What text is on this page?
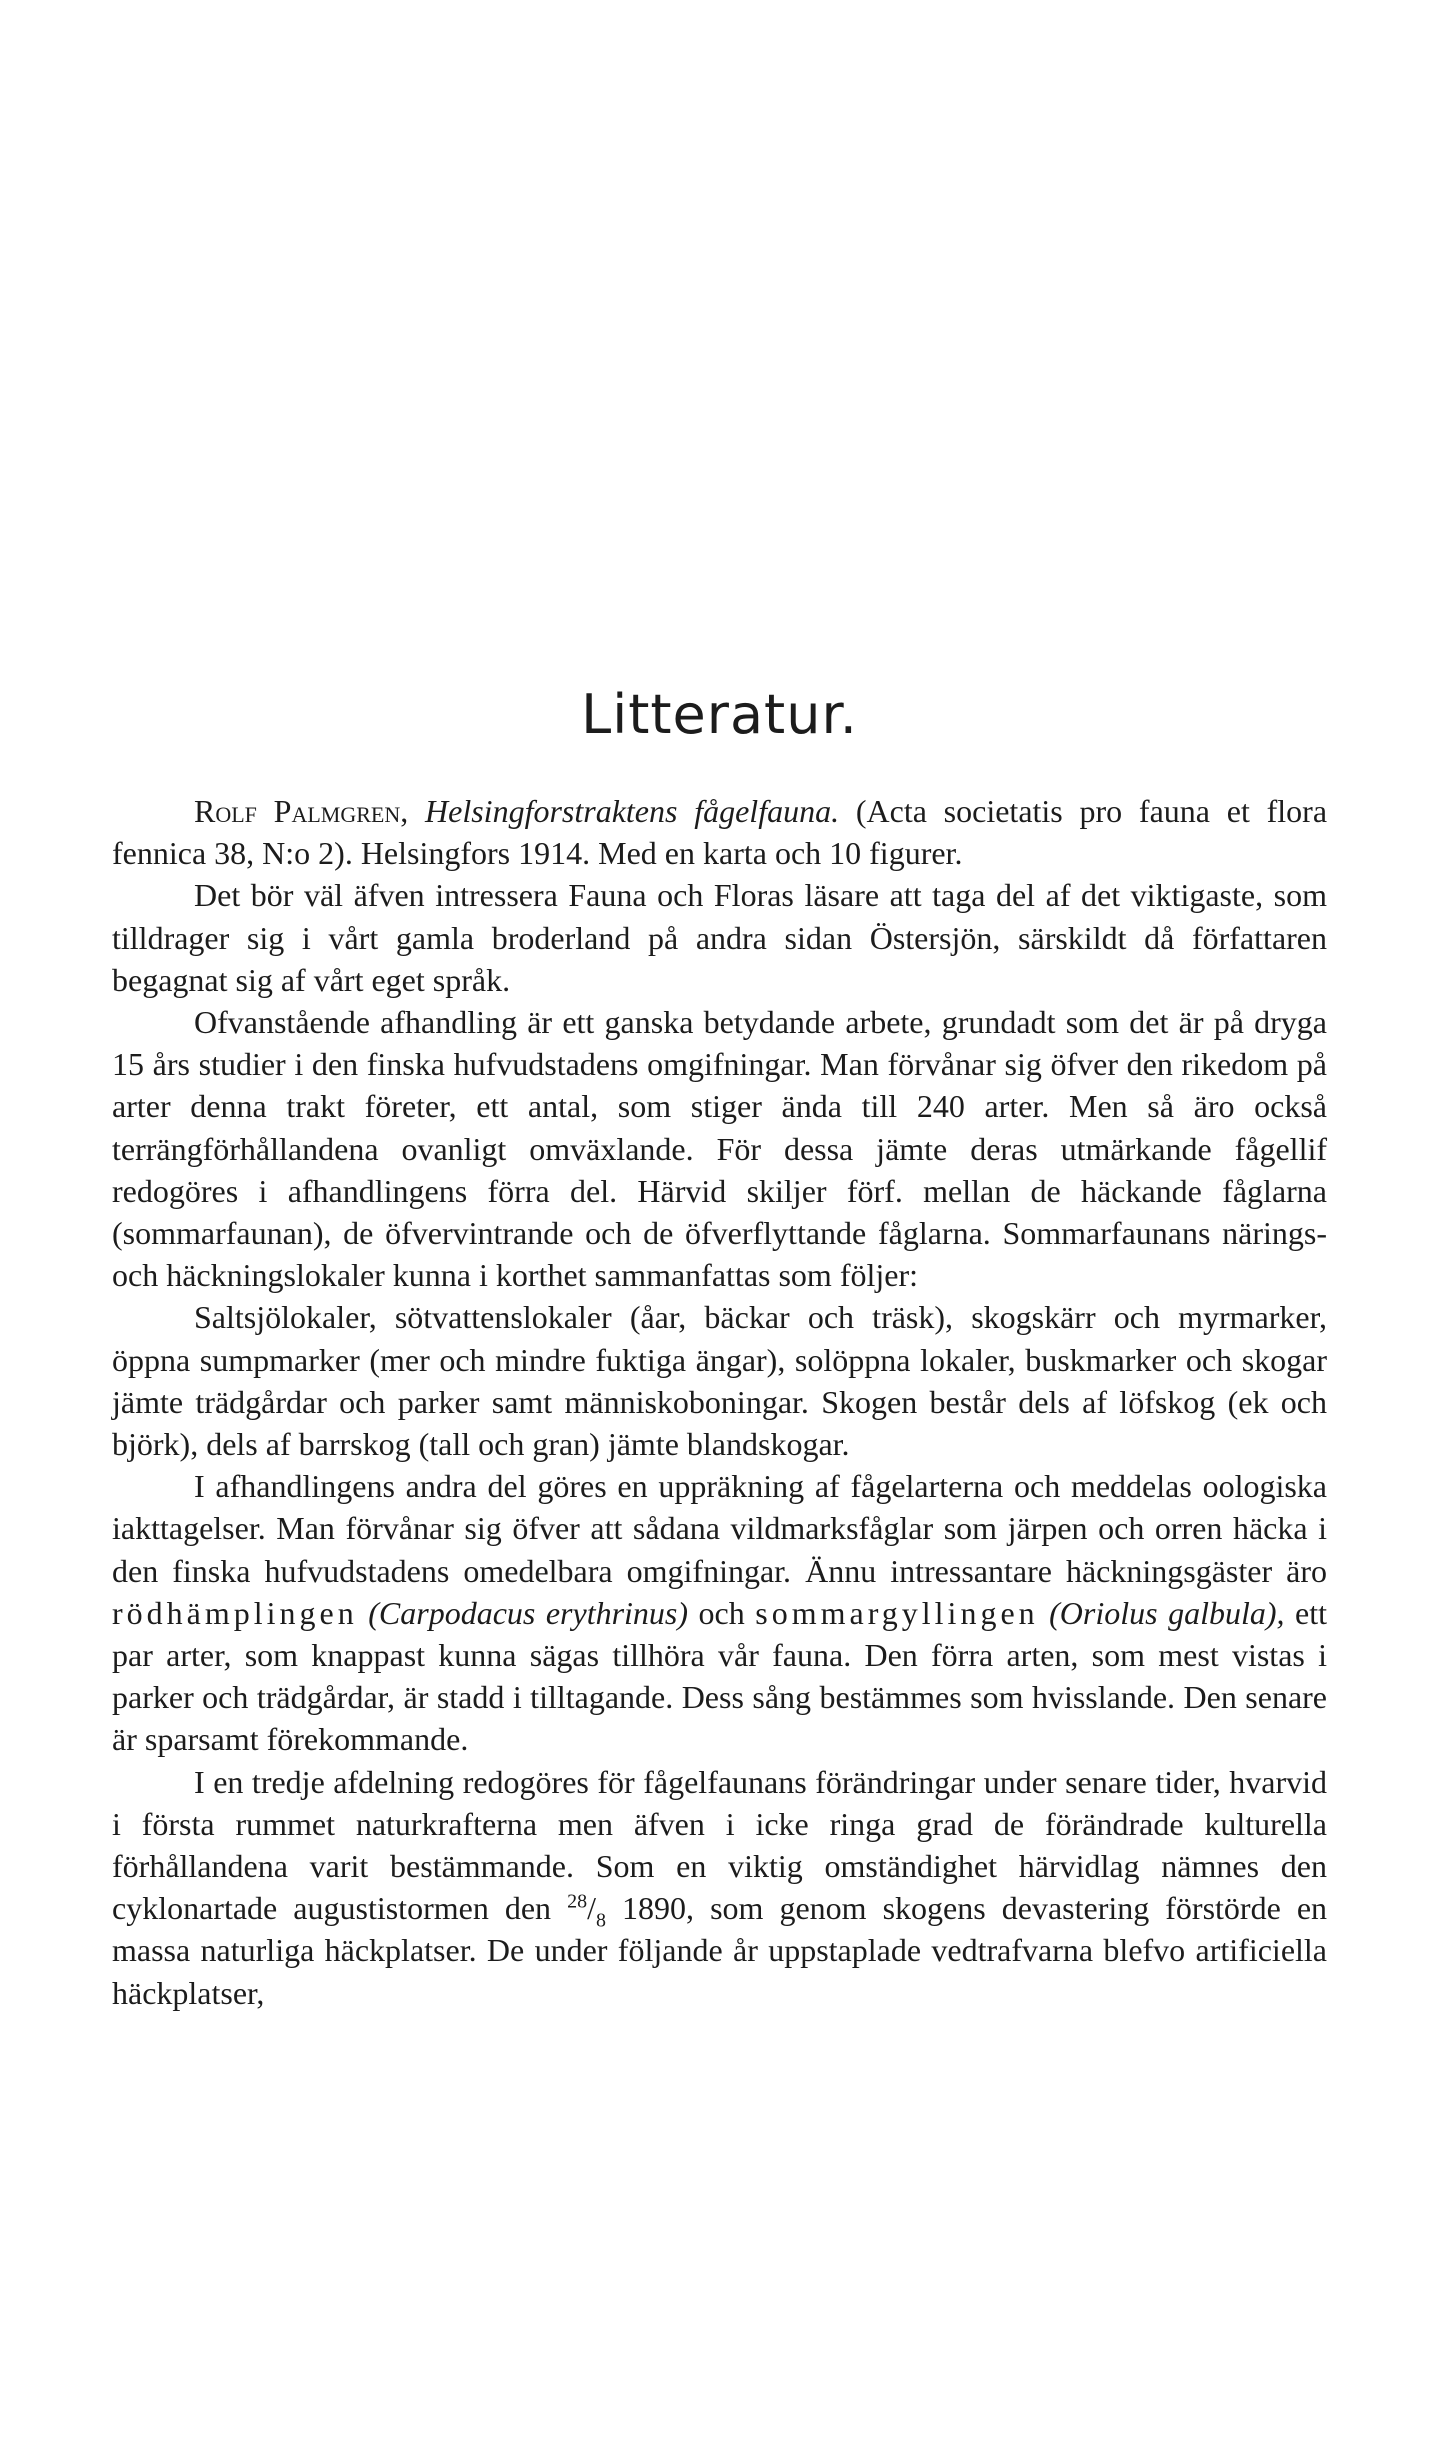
Litteratur.

Rolf Palmgren, Helsingforstraktens fågelfauna. (Acta societatis pro fauna et flora fennica 38, N:o 2). Helsingfors 1914. Med en karta och 10 figurer.

Det bör väl äfven intressera Fauna och Floras läsare att taga del af det viktigaste, som tilldrager sig i vårt gamla broderland på andra sidan Östersjön, särskildt då författaren begagnat sig af vårt eget språk.

Ofvanstående afhandling är ett ganska betydande arbete, grundadt som det är på dryga 15 års studier i den finska hufvudstadens omgifningar. Man förvånar sig öfver den rikedom på arter denna trakt företer, ett antal, som stiger ända till 240 arter. Men så äro också terrängförhållandena ovanligt omväxlande. För dessa jämte deras utmärkande fågellif redogöres i afhandlingens förra del. Härvid skiljer förf. mellan de häckande fåglarna (sommarfaunan), de öfvervintrande och de öfverflyttande fåglarna. Sommarfaunans närings- och häckningslokaler kunna i korthet sammanfattas som följer:

Saltsjölokaler, sötvattenslokaler (åar, bäckar och träsk), skogskärr och myrmarker, öppna sumpmarker (mer och mindre fuktiga ängar), solöppna lokaler, buskmarker och skogar jämte trädgårdar och parker samt människoboningar. Skogen består dels af löfskog (ek och björk), dels af barrskog (tall och gran) jämte blandskogar.

I afhandlingens andra del göres en uppräkning af fågelarterna och meddelas oologiska iakttagelser. Man förvånar sig öfver att sådana vildmarksfåglar som järpen och orren häcka i den finska hufvudstadens omedelbara omgifningar. Ännu intressantare häckningsgäster äro rödhämplingen (Carpodacus erythrinus) och sommargyllingen (Oriolus galbula), ett par arter, som knappast kunna sägas tillhöra vår fauna. Den förra arten, som mest vistas i parker och trädgårdar, är stadd i tilltagande. Dess sång bestämmes som hvisslande. Den senare är sparsamt förekommande.

I en tredje afdelning redogöres för fågelfaunans förändringar under senare tider, hvarvid i första rummet naturkrafterna men äfven i icke ringa grad de förändrade kulturella förhållandena varit bestämmande. Som en viktig omständighet härvidlag nämnes den cyklonartade augustistormen den $^{28}/_8$ 1890, som genom skogens devastering förstörde en massa naturliga häckplatser. De under följande år uppstaplade vedtrafvarna blefvo artificiella häckplatser,
